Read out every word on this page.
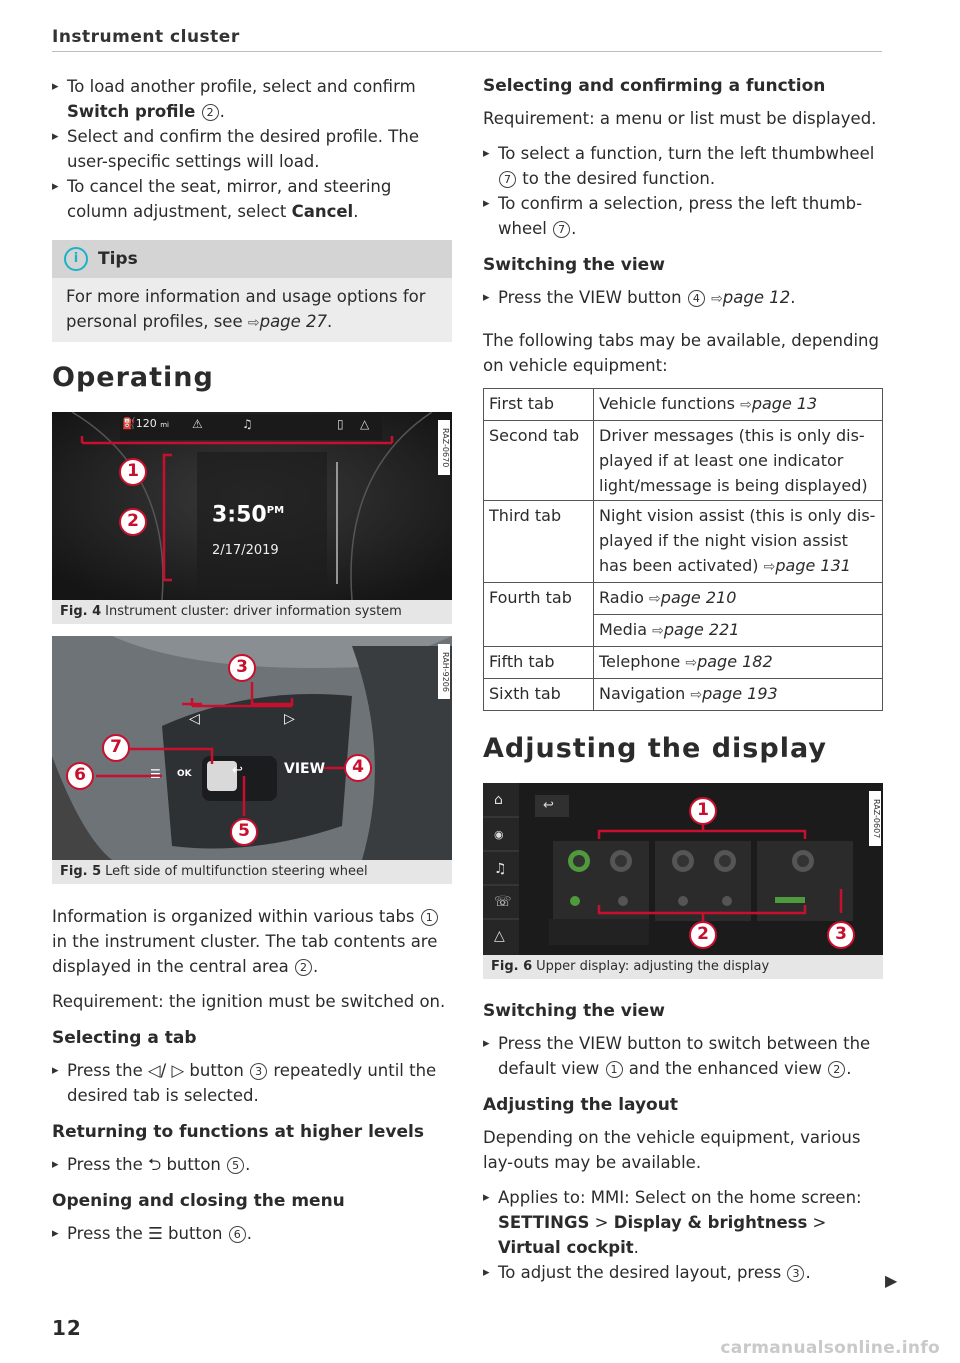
Instrument cluster
▸ To load another profile, select and confirm Switch profile 2 .
▸ Select and confirm the desired profile. The user-specific settings will load.
▸ To cancel the seat, mirror, and steering column adjustment, select Cancel.
i	Tips
For more information and usage options for personal profiles, see ⇨page 27.
Operating
⛽120 mi ⚠	♫	▯ △
$3:50^{PM}$
2/17/2019
1
2
RAZ-0670
Fig. 4 Instrument cluster: driver information system
◁	▷
☰ OK	↩	VIEW
3
4
5
6
7
RAH-9206
Fig. 5 Left side of multifunction steering wheel

Information is organized within various tabs 1 in the instrument cluster. The tab contents are displayed in the central area 2 .

Requirement: the ignition must be switched on.

Selecting a tab
▸ Press the ◁/ ▷ button 3 repeatedly until the desired tab is selected.
Returning to functions at higher levels
▸ Press the ⮌ button 5 .
Opening and closing the menu
▸ Press the ☰ button 6 .
Selecting and confirming a function

Requirement: a menu or list must be displayed.

▸ To select a function, turn the left thumbwheel 7 to the desired function.
▸ To confirm a selection, press the left thumb-wheel 7 .
Switching the view
▸ Press the VIEW button 4 ⇨page 12.

The following tabs may be available, depending on vehicle equipment:

First tab	Vehicle functions ⇨page 13
Second tab	Driver messages (this is only dis-played if at least one indicator light/message is being displayed)
Third tab	Night vision assist (this is only dis-played if the night vision assist has been activated) ⇨page 131
Fourth tab	Radio ⇨page 210
	Media ⇨page 221
Fifth tab	Telephone ⇨page 182
Sixth tab	Navigation ⇨page 193
Adjusting the display
⌂
◉
♫
☏
△
↩	1
2	3
RAZ-0607
Fig. 6 Upper display: adjusting the display
Switching the view
▸ Press the VIEW button to switch between the default view 1 and the enhanced view 2 .
Adjusting the layout

Depending on the vehicle equipment, various lay-outs may be available.

▸ Applies to: MMI: Select on the home screen: SETTINGS > Display & brightness > Virtual cockpit.
▸ To adjust the desired layout, press 3 .	▶
12
carmanualsonline.info
